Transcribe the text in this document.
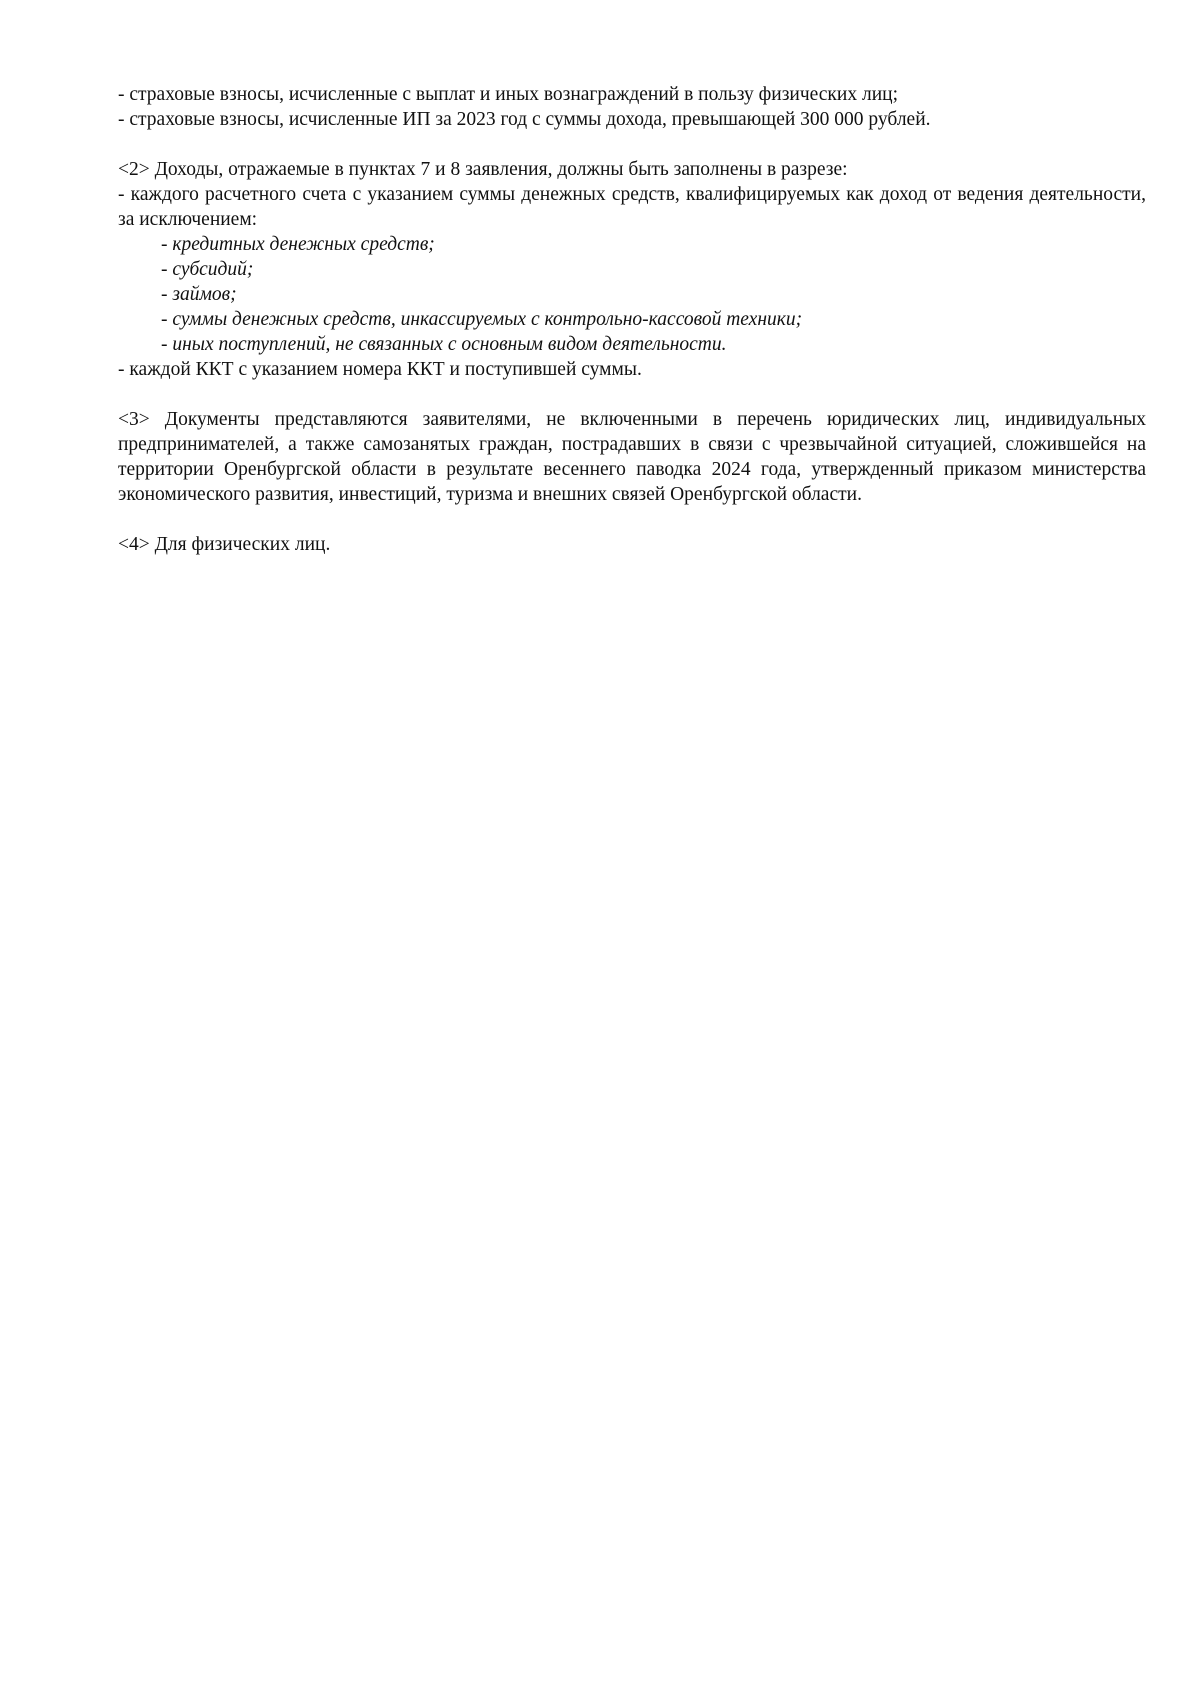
- страховые взносы, исчисленные с выплат и иных вознаграждений в пользу физических лиц;
- страховые взносы, исчисленные ИП за 2023 год с суммы дохода, превышающей 300 000 рублей.
<2> Доходы, отражаемые в пунктах 7 и 8 заявления, должны быть заполнены в разрезе:

- каждого расчетного счета с указанием суммы денежных средств, квалифицируемых как доход от ведения деятельности, за исключением:

- кредитных денежных средств;
- субсидий;
- займов;
- суммы денежных средств, инкассируемых с контрольно-кассовой техники;
- иных поступлений, не связанных с основным видом деятельности.
- каждой ККТ с указанием номера ККТ и поступившей суммы.

<3> Документы представляются заявителями, не включенными в перечень юридических лиц, индивидуальных предпринимателей, а также самозанятых граждан, пострадавших в связи с чрезвычайной ситуацией, сложившейся на территории Оренбургской области в результате весеннего паводка 2024 года, утвержденный приказом министерства экономического развития, инвестиций, туризма и внешних связей Оренбургской области.

<4> Для физических лиц.
